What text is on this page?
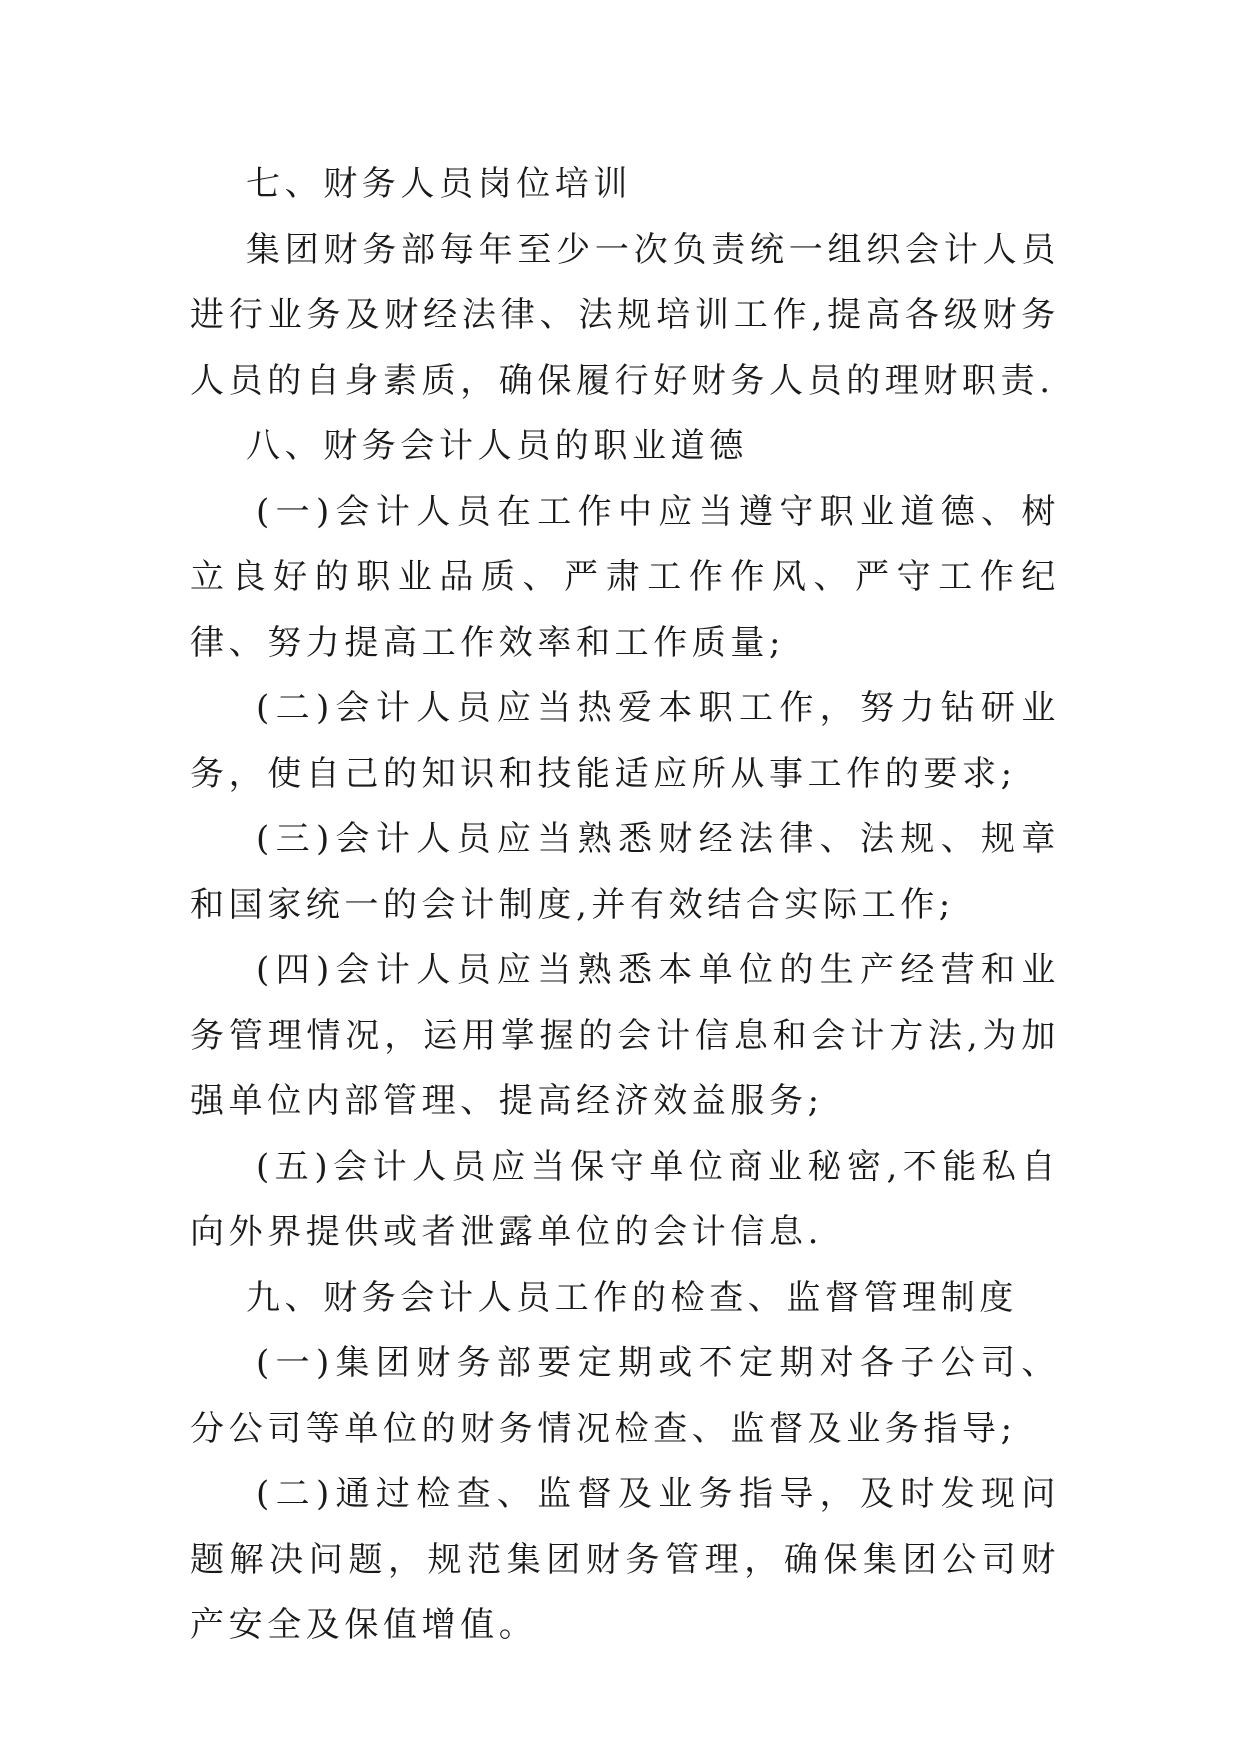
七、财务人员岗位培训

集团财务部每年至少一次负责统一组织会计人员进行业务及财经法律、法规培训工作,提高各级财务人员的自身素质，确保履行好财务人员的理财职责.

八、财务会计人员的职业道德

(一)会计人员在工作中应当遵守职业道德、树立良好的职业品质、严肃工作作风、严守工作纪律、努力提高工作效率和工作质量;

(二)会计人员应当热爱本职工作，努力钻研业务，使自己的知识和技能适应所从事工作的要求;

(三)会计人员应当熟悉财经法律、法规、规章和国家统一的会计制度,并有效结合实际工作;

(四)会计人员应当熟悉本单位的生产经营和业务管理情况，运用掌握的会计信息和会计方法,为加强单位内部管理、提高经济效益服务;

(五)会计人员应当保守单位商业秘密,不能私自向外界提供或者泄露单位的会计信息.

九、财务会计人员工作的检查、监督管理制度

(一)集团财务部要定期或不定期对各子公司、分公司等单位的财务情况检查、监督及业务指导;

(二)通过检查、监督及业务指导，及时发现问题解决问题，规范集团财务管理，确保集团公司财产安全及保值增值。
